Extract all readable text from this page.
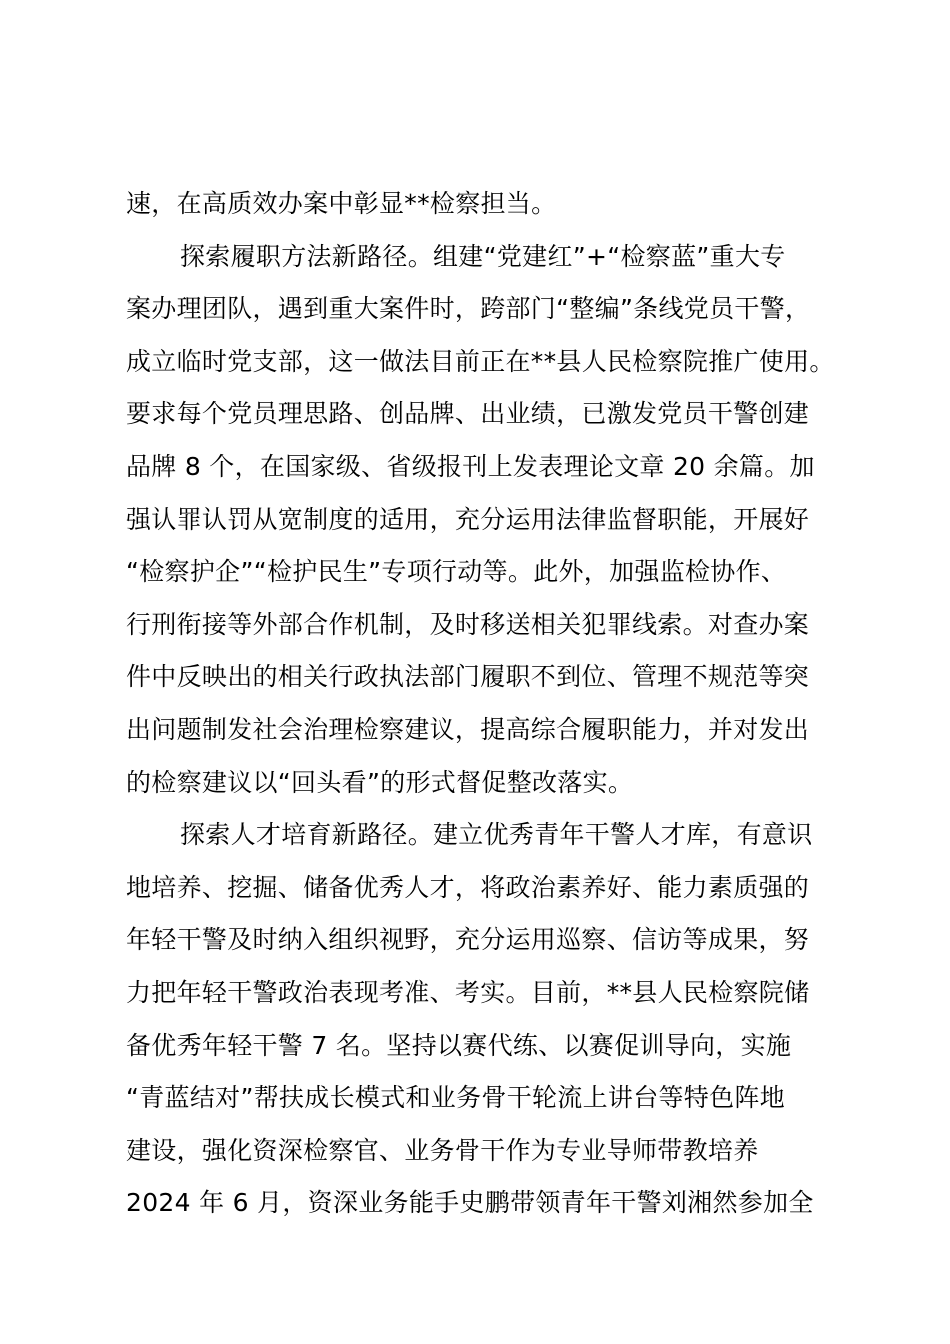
速，在高质效办案中彰显**检察担当。
探索履职方法新路径。组建“党建红”+“检察蓝”重大专
案办理团队，遇到重大案件时，跨部门“整编”条线党员干警，
成立临时党支部，这一做法目前正在**县人民检察院推广使用。
要求每个党员理思路、创品牌、出业绩，已激发党员干警创建
品牌 8 个，在国家级、省级报刊上发表理论文章 20 余篇。加
强认罪认罚从宽制度的适用，充分运用法律监督职能，开展好
“检察护企”“检护民生”专项行动等。此外，加强监检协作、
行刑衔接等外部合作机制，及时移送相关犯罪线索。对查办案
件中反映出的相关行政执法部门履职不到位、管理不规范等突
出问题制发社会治理检察建议，提高综合履职能力，并对发出
的检察建议以“回头看”的形式督促整改落实。
探索人才培育新路径。建立优秀青年干警人才库，有意识
地培养、挖掘、储备优秀人才，将政治素养好、能力素质强的
年轻干警及时纳入组织视野，充分运用巡察、信访等成果，努
力把年轻干警政治表现考准、考实。目前，**县人民检察院储
备优秀年轻干警 7 名。坚持以赛代练、以赛促训导向，实施
“青蓝结对”帮扶成长模式和业务骨干轮流上讲台等特色阵地
建设，强化资深检察官、业务骨干作为专业导师带教培养
2024 年 6 月，资深业务能手史鹏带领青年干警刘湘然参加全
